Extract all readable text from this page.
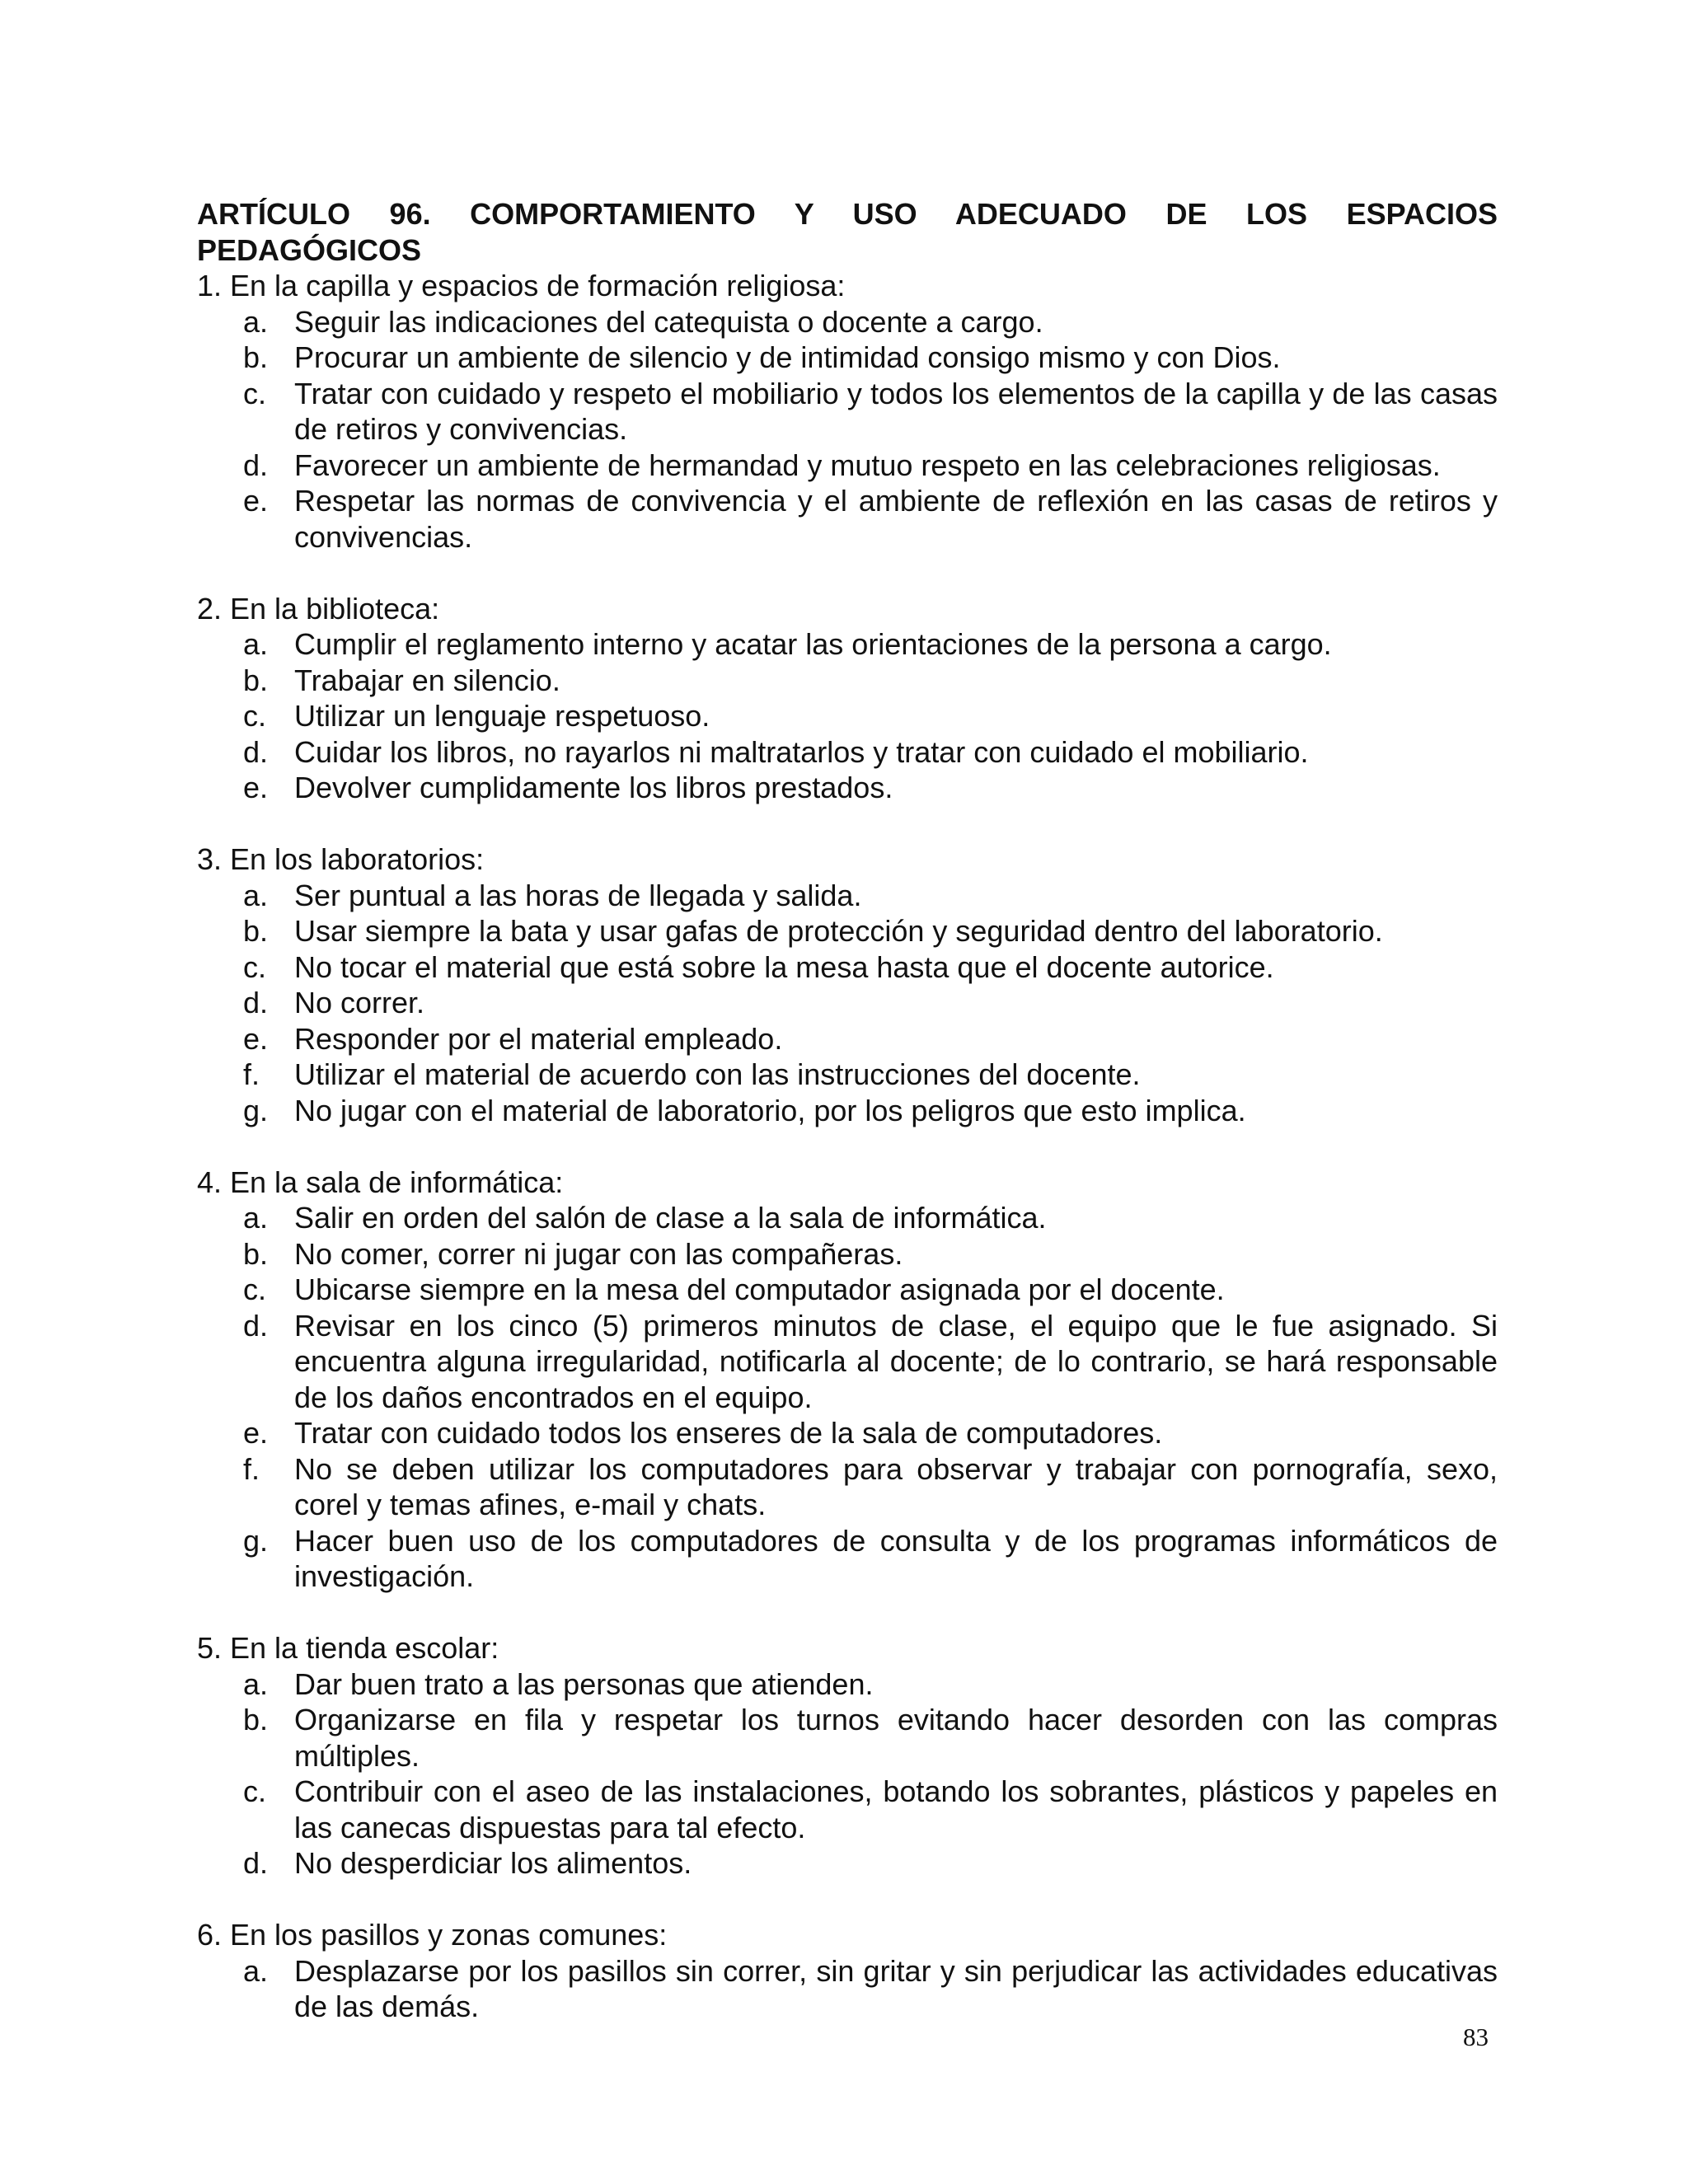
ARTÍCULO 96. COMPORTAMIENTO Y USO ADECUADO DE LOS ESPACIOS

PEDAGÓGICOS

1. En la capilla y espacios de formación religiosa:

a. Seguir las indicaciones del catequista o docente a cargo.
b. Procurar un ambiente de silencio y de intimidad consigo mismo y con Dios.
c. Tratar con cuidado y respeto el mobiliario y todos los elementos de la capilla y de las casas de retiros y convivencias.
d. Favorecer un ambiente de hermandad y mutuo respeto en las celebraciones religiosas.
e. Respetar las normas de convivencia y el ambiente de reflexión en las casas de retiros y convivencias.

2. En la biblioteca:

a. Cumplir el reglamento interno y acatar las orientaciones de la persona a cargo.
b. Trabajar en silencio.
c. Utilizar un lenguaje respetuoso.
d. Cuidar los libros, no rayarlos ni maltratarlos y tratar con cuidado el mobiliario.
e. Devolver cumplidamente los libros prestados.

3. En los laboratorios:

a. Ser puntual a las horas de llegada y salida.
b. Usar siempre la bata y usar gafas de protección y seguridad dentro del laboratorio.
c. No tocar el material que está sobre la mesa hasta que el docente autorice.
d. No correr.
e. Responder por el material empleado.
f.	Utilizar el material de acuerdo con las instrucciones del docente.
g. No jugar con el material de laboratorio, por los peligros que esto implica.

4. En la sala de informática:

a. Salir en orden del salón de clase a la sala de informática.
b. No comer, correr ni jugar con las compañeras.
c. Ubicarse siempre en la mesa del computador asignada por el docente.
d. Revisar en los cinco (5) primeros minutos de clase, el equipo que le fue asignado. Si encuentra alguna irregularidad, notificarla al docente; de lo contrario, se hará responsable de los daños encontrados en el equipo.
e. Tratar con cuidado todos los enseres de la sala de computadores.
f.	No se deben utilizar los computadores para observar y trabajar con pornografía, sexo, corel y temas afines, e-mail y chats.
g. Hacer buen uso de los computadores de consulta y de los programas informáticos de investigación.

5. En la tienda escolar:

a. Dar buen trato a las personas que atienden.
b. Organizarse en fila y respetar los turnos evitando hacer desorden con las compras múltiples.
c. Contribuir con el aseo de las instalaciones, botando los sobrantes, plásticos y papeles en las canecas dispuestas para tal efecto.
d. No desperdiciar los alimentos.

6. En los pasillos y zonas comunes:

a. Desplazarse por los pasillos sin correr, sin gritar y sin perjudicar las actividades educativas de las demás.
83
